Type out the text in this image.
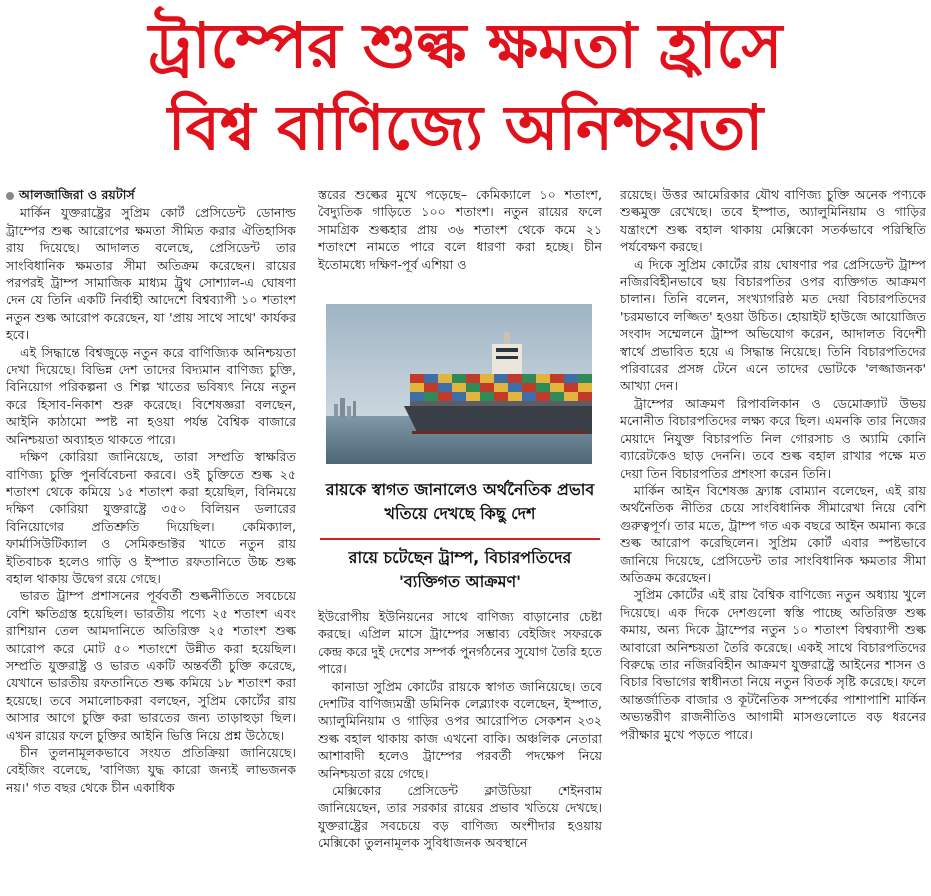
ট্রাম্পের শুল্ক ক্ষমতা হ্রাসে
বিশ্ব বাণিজ্যে অনিশ্চয়তা
আলজাজিরা ও রয়টার্স

মার্কিন যুক্তরাষ্ট্রের সুপ্রিম কোর্ট প্রেসিডেন্ট ডোনাল্ড ট্রাম্পের শুল্ক আরোপের ক্ষমতা সীমিত করার ঐতিহাসিক রায় দিয়েছে। আদালত বলেছে, প্রেসিডেন্ট তার সাংবিধানিক ক্ষমতার সীমা অতিক্রম করেছেন। রায়ের পরপরই ট্রাম্প সামাজিক মাধ্যম ট্রুথ সোশ্যাল-এ ঘোষণা দেন যে তিনি একটি নির্বাহী আদেশে বিশ্বব্যাপী ১০ শতাংশ নতুন শুল্ক আরোপ করেছেন, যা 'প্রায় সাথে সাথে' কার্যকর হবে।

এই সিদ্ধান্তে বিশ্বজুড়ে নতুন করে বাণিজ্যিক অনিশ্চয়তা দেখা দিয়েছে। বিভিন্ন দেশ তাদের বিদ্যমান বাণিজ্য চুক্তি, বিনিয়োগ পরিকল্পনা ও শিল্প খাতের ভবিষ্যৎ নিয়ে নতুন করে হিসাব-নিকাশ শুরু করেছে। বিশেষজ্ঞরা বলছেন, আইনি কাঠামো স্পষ্ট না হওয়া পর্যন্ত বৈশ্বিক বাজারে অনিশ্চয়তা অব্যাহত থাকতে পারে।

দক্ষিণ কোরিয়া জানিয়েছে, তারা সম্প্রতি স্বাক্ষরিত বাণিজ্য চুক্তি পুনর্বিবেচনা করবে। ওই চুক্তিতে শুল্ক ২৫ শতাংশ থেকে কমিয়ে ১৫ শতাংশ করা হয়েছিল, বিনিময়ে দক্ষিণ কোরিয়া যুক্তরাষ্ট্রে ৩৫০ বিলিয়ন ডলারের বিনিয়োগের প্রতিশ্রুতি দিয়েছিল। কেমিক্যাল, ফার্মাসিউটিক্যাল ও সেমিকন্ডাক্টর খাতে নতুন রায় ইতিবাচক হলেও গাড়ি ও ইস্পাত রফতানিতে উচ্চ শুল্ক বহাল থাকায় উদ্বেগ রয়ে গেছে।

ভারত ট্রাম্প প্রশাসনের পূর্ববর্তী শুল্কনীতিতে সবচেয়ে বেশি ক্ষতিগ্রস্ত হয়েছিল। ভারতীয় পণ্যে ২৫ শতাংশ এবং রাশিয়ান তেল আমদানিতে অতিরিক্ত ২৫ শতাংশ শুল্ক আরোপ করে মোট ৫০ শতাংশে উন্নীত করা হয়েছিল। সম্প্রতি যুক্তরাষ্ট্র ও ভারত একটি অন্তর্বর্তী চুক্তি করেছে, যেখানে ভারতীয় রফতানিতে শুল্ক কমিয়ে ১৮ শতাংশ করা হয়েছে। তবে সমালোচকরা বলছেন, সুপ্রিম কোর্টের রায় আসার আগে চুক্তি করা ভারতের জন্য তাড়াহুড়া ছিল। এখন রায়ের ফলে চুক্তির আইনি ভিত্তি নিয়ে প্রশ্ন উঠেছে।

চীন তুলনামূলকভাবে সংযত প্রতিক্রিয়া জানিয়েছে। বেইজিং বলেছে, 'বাণিজ্য যুদ্ধ কারো জন্যই লাভজনক নয়।' গত বছর থেকে চীন একাধিক

স্তরের শুল্কের মুখে পড়েছে– কেমিক্যালে ১০ শতাংশ, বৈদ্যুতিক গাড়িতে ১০০ শতাংশ। নতুন রায়ের ফলে সামগ্রিক শুল্কহার প্রায় ৩৬ শতাংশ থেকে কমে ২১ শতাংশে নামতে পারে বলে ধারণা করা হচ্ছে। চীন ইতোমধ্যে দক্ষিণ-পূর্ব এশিয়া ও

রায়কে স্বাগত জানালেও অর্থনৈতিক প্রভাব খতিয়ে দেখছে কিছু দেশ
রায়ে চটেছেন ট্রাম্প, বিচারপতিদের 'ব্যক্তিগত আক্রমণ'

ইউরোপীয় ইউনিয়নের সাথে বাণিজ্য বাড়ানোর চেষ্টা করছে। এপ্রিল মাসে ট্রাম্পের সম্ভাব্য বেইজিং সফরকে কেন্দ্র করে দুই দেশের সম্পর্ক পুনর্গঠনের সুযোগ তৈরি হতে পারে।

কানাডা সুপ্রিম কোর্টের রায়কে স্বাগত জানিয়েছে। তবে দেশটির বাণিজ্যমন্ত্রী ডমিনিক লেব্ল্যাংক বলেছেন, ইস্পাত, অ্যালুমিনিয়াম ও গাড়ির ওপর আরোপিত সেকশন ২৩২ শুল্ক বহাল থাকায় কাজ এখনো বাকি। অঞ্চলিক নেতারা আশাবাদী হলেও ট্রাম্পের পরবর্তী পদক্ষেপ নিয়ে অনিশ্চয়তা রয়ে গেছে।

মেক্সিকোর প্রেসিডেন্ট ক্লাউডিয়া শেইনবাম জানিয়েছেন, তার সরকার রায়ের প্রভাব খতিয়ে দেখছে। যুক্তরাষ্ট্রের সবচেয়ে বড় বাণিজ্য অংশীদার হওয়ায় মেক্সিকো তুলনামূলক সুবিধাজনক অবস্থানে

রয়েছে। উত্তর আমেরিকার যৌথ বাণিজ্য চুক্তি অনেক পণ্যকে শুল্কমুক্ত রেখেছে। তবে ইস্পাত, অ্যালুমিনিয়াম ও গাড়ির যন্ত্রাংশে শুল্ক বহাল থাকায় মেক্সিকো সতর্কভাবে পরিস্থিতি পর্যবেক্ষণ করছে।

এ দিকে সুপ্রিম কোর্টের রায় ঘোষণার পর প্রেসিডেন্ট ট্রাম্প নজিরবিহীনভাবে ছয় বিচারপতির ওপর ব্যক্তিগত আক্রমণ চালান। তিনি বলেন, সংখ্যাগরিষ্ঠ মত দেয়া বিচারপতিদের 'চরমভাবে লজ্জিত' হওয়া উচিত। হোয়াইট হাউজে আয়োজিত সংবাদ সম্মেলনে ট্রাম্প অভিযোগ করেন, আদালত বিদেশী স্বার্থে প্রভাবিত হয়ে এ সিদ্ধান্ত নিয়েছে। তিনি বিচারপতিদের পরিবারের প্রসঙ্গ টেনে এনে তাদের ভোটকে 'লজ্জাজনক' আখ্যা দেন।

ট্রাম্পের আক্রমণ রিপাবলিকান ও ডেমোক্র্যাট উভয় মনোনীত বিচারপতিদের লক্ষ্য করে ছিল। এমনকি তার নিজের মেয়াদে নিযুক্ত বিচারপতি নিল গোরসাচ ও অ্যামি কোনি ব্যারেটকেও ছাড় দেননি। তবে শুল্ক বহাল রাখার পক্ষে মত দেয়া তিন বিচারপতির প্রশংসা করেন তিনি।

মার্কিন আইন বিশেষজ্ঞ ফ্র্যাঙ্ক বোম্যান বলেছেন, এই রায় অর্থনৈতিক নীতির চেয়ে সাংবিধানিক সীমারেখা নিয়ে বেশি গুরুত্বপূর্ণ। তার মতে, ট্রাম্প গত এক বছরে আইন অমান্য করে শুল্ক আরোপ করেছিলেন। সুপ্রিম কোর্ট এবার স্পষ্টভাবে জানিয়ে দিয়েছে, প্রেসিডেন্ট তার সাংবিধানিক ক্ষমতার সীমা অতিক্রম করেছেন।

সুপ্রিম কোর্টের এই রায় বৈশ্বিক বাণিজ্যে নতুন অধ্যায় খুলে দিয়েছে। এক দিকে দেশগুলো স্বস্তি পাচ্ছে অতিরিক্ত শুল্ক কমায়, অন্য দিকে ট্রাম্পের নতুন ১০ শতাংশ বিশ্বব্যাপী শুল্ক আবারো অনিশ্চয়তা তৈরি করেছে। একই সাথে বিচারপতিদের বিরুদ্ধে তার নজিরবিহীন আক্রমণ যুক্তরাষ্ট্রে আইনের শাসন ও বিচার বিভাগের স্বাধীনতা নিয়ে নতুন বিতর্ক সৃষ্টি করেছে। ফলে আন্তর্জাতিক বাজার ও কূটনৈতিক সম্পর্কের পাশাপাশি মার্কিন অভ্যন্তরীণ রাজনীতিও আগামী মাসগুলোতে বড় ধরনের পরীক্ষার মুখে পড়তে পারে।
